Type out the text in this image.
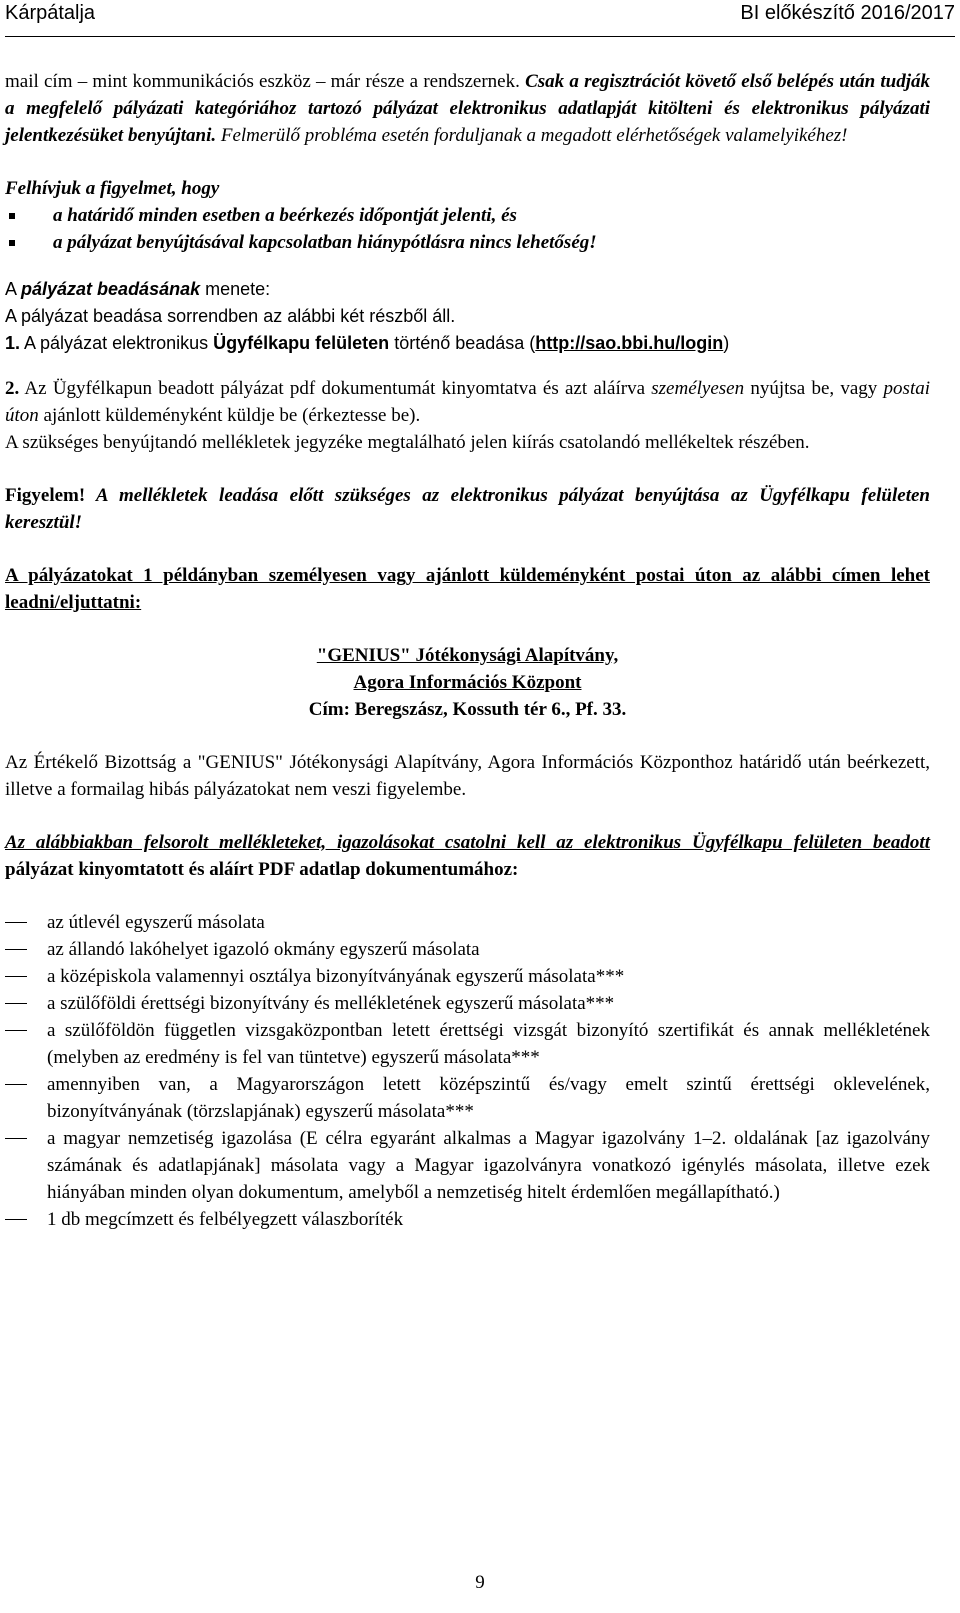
Kárpátalja	BI előkészítő 2016/2017

mail cím – mint kommunikációs eszköz – már része a rendszernek. Csak a regisztrációt követő első belépés után tudják a megfelelő pályázati kategóriához tartozó pályázat elektronikus adatlapját kitölteni és elektronikus pályázati jelentkezésüket benyújtani. Felmerülő probléma esetén forduljanak a megadott elérhetőségek valamelyikéhez!

Felhívjuk a figyelmet, hogy

a határidő minden esetben a beérkezés időpontját jelenti, és
a pályázat benyújtásával kapcsolatban hiánypótlásra nincs lehetőség!

A pályázat beadásának menete:

A pályázat beadása sorrendben az alábbi két részből áll.

1. A pályázat elektronikus Ügyfélkapu felületen történő beadása (http://sao.bbi.hu/login)

2. Az Ügyfélkapun beadott pályázat pdf dokumentumát kinyomtatva és azt aláírva személyesen nyújtsa be, vagy postai úton ajánlott küldeményként küldje be (érkeztesse be).

A szükséges benyújtandó mellékletek jegyzéke megtalálható jelen kiírás csatolandó mellékeltek részében.

Figyelem! A mellékletek leadása előtt szükséges az elektronikus pályázat benyújtása az Ügyfélkapu felületen keresztül!

A pályázatokat 1 példányban személyesen vagy ajánlott küldeményként postai úton az alábbi címen lehet leadni/eljuttatni:

"GENIUS" Jótékonysági Alapítvány,

Agora Információs Központ

Cím: Beregszász, Kossuth tér 6., Pf. 33.

Az Értékelő Bizottság a "GENIUS" Jótékonysági Alapítvány, Agora Információs Központhoz határidő után beérkezett, illetve a formailag hibás pályázatokat nem veszi figyelembe.

Az alábbiakban felsorolt mellékleteket, igazolásokat csatolni kell az elektronikus Ügyfélkapu felületen beadott pályázat kinyomtatott és aláírt PDF adatlap dokumentumához:

az útlevél egyszerű másolata
az állandó lakóhelyet igazoló okmány egyszerű másolata
a középiskola valamennyi osztálya bizonyítványának egyszerű másolata***
a szülőföldi érettségi bizonyítvány és mellékletének egyszerű másolata***
a szülőföldön független vizsgaközpontban letett érettségi vizsgát bizonyító szertifikát és annak mellékletének (melyben az eredmény is fel van tüntetve) egyszerű másolata***
amennyiben van, a Magyarországon letett középszintű és/vagy emelt szintű érettségi oklevelének, bizonyítványának (törzslapjának) egyszerű másolata***
a magyar nemzetiség igazolása (E célra egyaránt alkalmas a Magyar igazolvány 1–2. oldalának [az igazolvány számának és adatlapjának] másolata vagy a Magyar igazolványra vonatkozó igénylés másolata, illetve ezek hiányában minden olyan dokumentum, amelyből a nemzetiség hitelt érdemlően megállapítható.)
1 db megcímzett és felbélyegzett válaszboríték
9
